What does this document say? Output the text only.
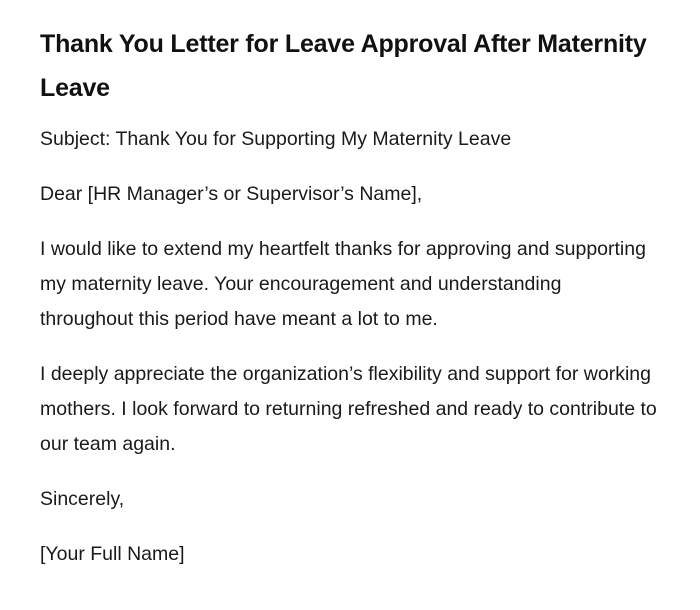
Thank You Letter for Leave Approval After Maternity Leave

Subject: Thank You for Supporting My Maternity Leave

Dear [HR Manager’s or Supervisor’s Name],

I would like to extend my heartfelt thanks for approving and supporting my maternity leave. Your encouragement and understanding throughout this period have meant a lot to me.

I deeply appreciate the organization’s flexibility and support for working mothers. I look forward to returning refreshed and ready to contribute to our team again.

Sincerely,

[Your Full Name]
